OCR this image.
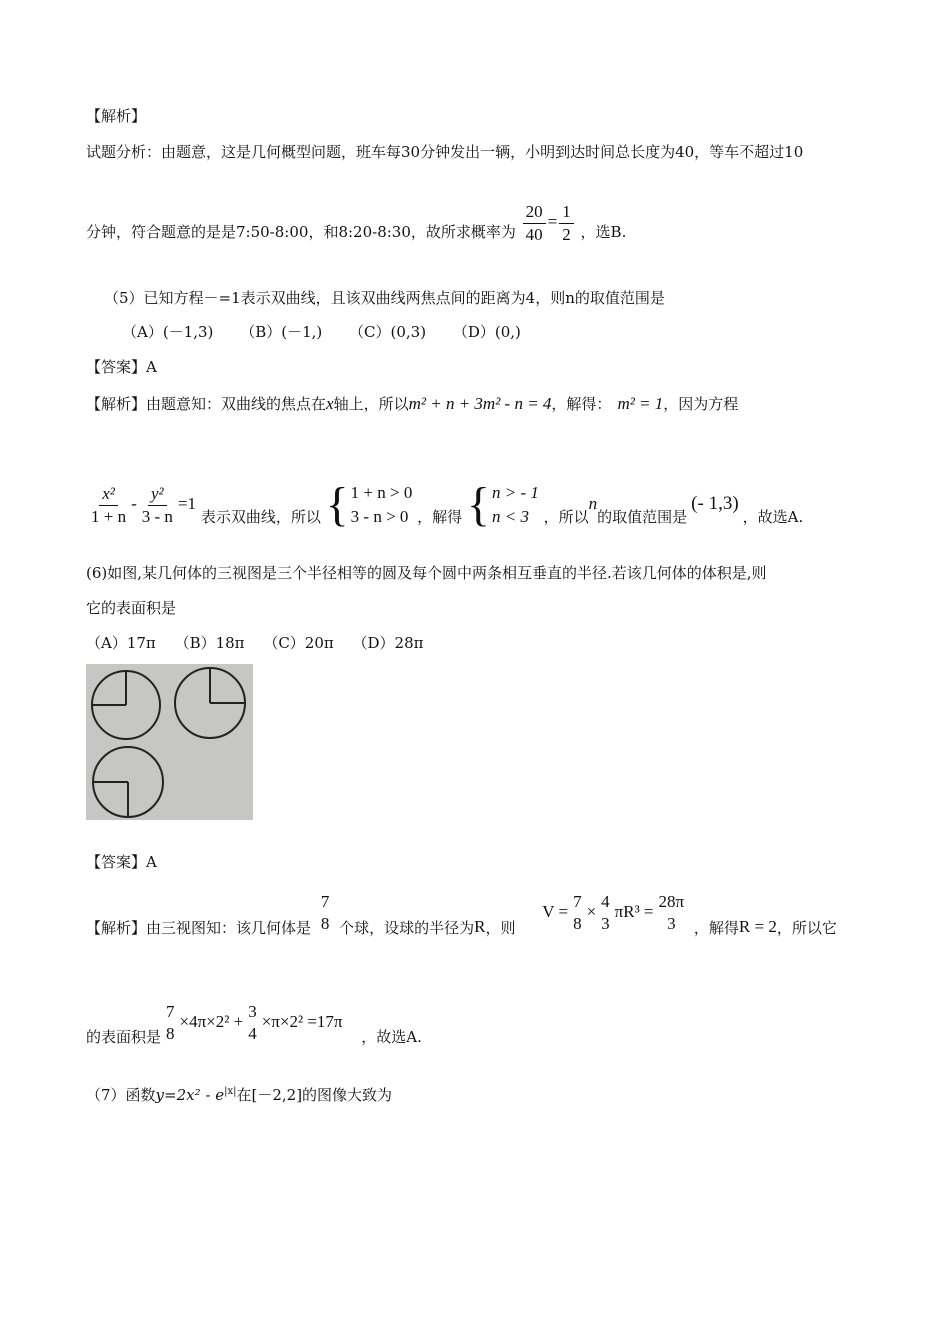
【解析】
试题分析：由题意，这是几何概型问题，班车每30分钟发出一辆，小明到达时间总长度为40，等车不超过10
分钟，符合题意的是是7:50-8:00，和8:20-8:30，故所求概率为 $\frac{20}{40} = \frac{1}{2}$ ，选B.
（5）已知方程－=1表示双曲线，且该双曲线两焦点间的距离为4，则n的取值范围是
（A）(－1,3) （B）(－1,) （C）(0,3) （D）(0,)
【答案】A
【解析】由题意知：双曲线的焦点在x轴上，所以m² + n + 3m² - n = 4，解得： m² = 1，因为方程
$\frac{\text{x²}}{1 + n} - \frac{\text{y²}}{3 - n} =1$ 表示双曲线，所以 { 1 + n > 0
3 - n > 0 ，解得 { n > - 1
n < 3 ，所以n的取值范围是(- 1,3)，故选A.
(6)如图,某几何体的三视图是三个半径相等的圆及每个圆中两条相互垂直的半径.若该几何体的体积是,则
它的表面积是
（A）17π （B）18π （C）20π （D）28π
【答案】A
【解析】由三视图知：该几何体是
7
8 个球，设球的半径为R，则 V =
7
8
×
4
3
πR³ =
28π
3 ，解得R = 2，所以它
的表面积是
7
8
×4π×2² +
3
4
×π×2² =17π ，故选A.
（7）函数$y=2x^2 - e^{|x|}$在[－2,2]的图像大致为
